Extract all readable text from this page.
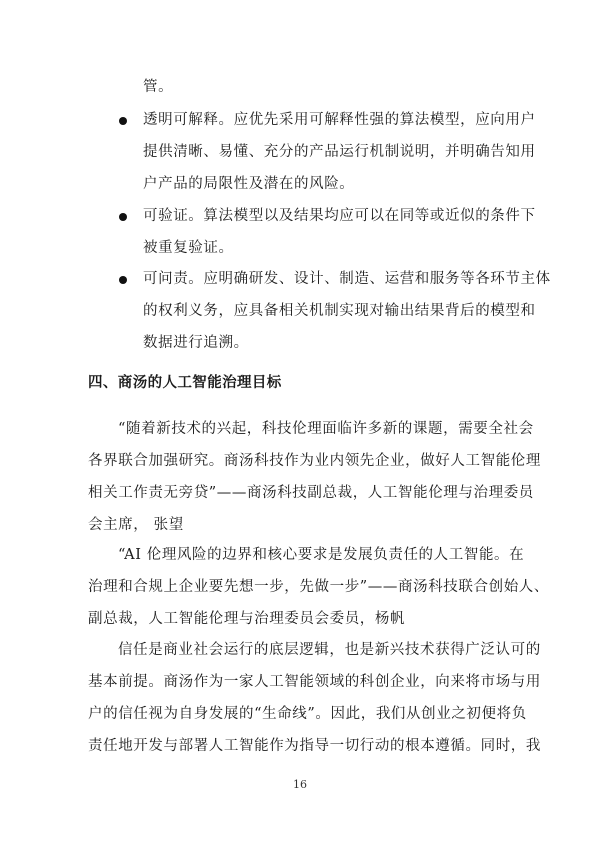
管。
透明可解释。应优先采用可解释性强的算法模型，应向用户
提供清晰、易懂、充分的产品运行机制说明，并明确告知用
户产品的局限性及潜在的风险。
可验证。算法模型以及结果均应可以在同等或近似的条件下
被重复验证。
可问责。应明确研发、设计、制造、运营和服务等各环节主体
的权利义务，应具备相关机制实现对输出结果背后的模型和
数据进行追溯。
四、商汤的人工智能治理目标
“随着新技术的兴起，科技伦理面临许多新的课题，需要全社会
各界联合加强研究。商汤科技作为业内领先企业，做好人工智能伦理
相关工作责无旁贷”——商汤科技副总裁，人工智能伦理与治理委员
会主席， 张望
“AI 伦理风险的边界和核心要求是发展负责任的人工智能。在
治理和合规上企业要先想一步，先做一步”——商汤科技联合创始人、
副总裁，人工智能伦理与治理委员会委员，杨帆
信任是商业社会运行的底层逻辑，也是新兴技术获得广泛认可的
基本前提。商汤作为一家人工智能领域的科创企业，向来将市场与用
户的信任视为自身发展的“生命线”。因此，我们从创业之初便将负
责任地开发与部署人工智能作为指导一切行动的根本遵循。同时，我
16
